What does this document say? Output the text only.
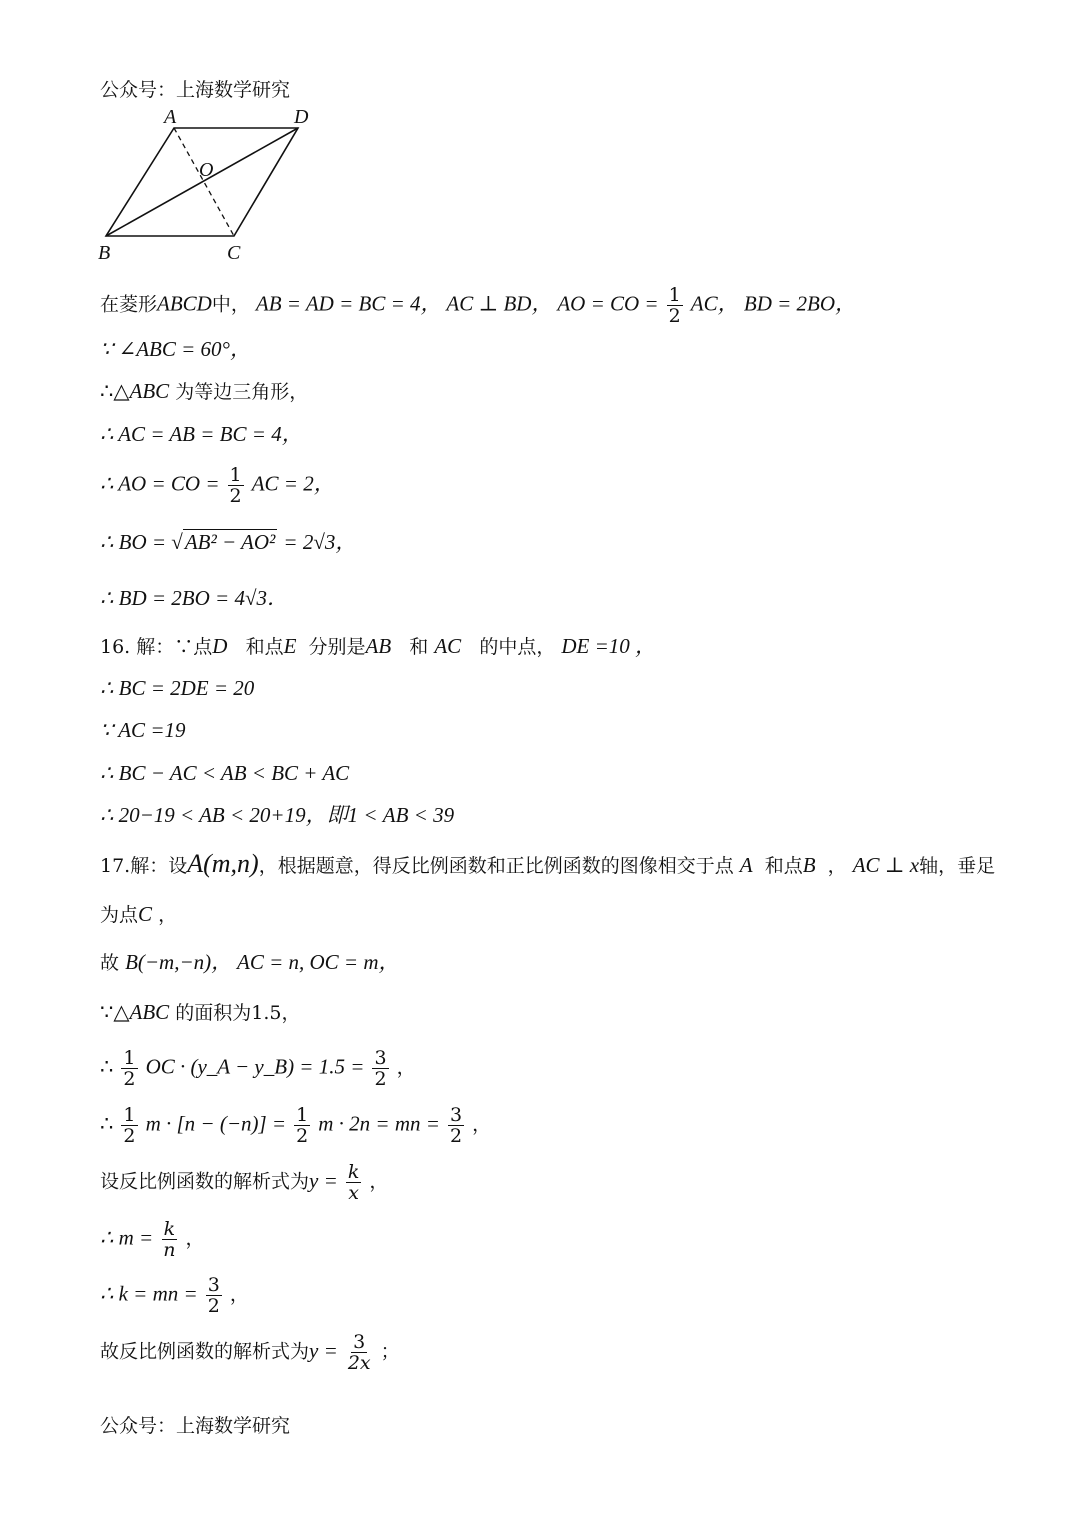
公众号：上海数学研究
A	D
O
B	C
在菱形ABCD中， AB = AD = BC = 4， AC ⊥ BD， AO = CO = $\frac{1}{2}$ AC， BD = 2BO，
∵ ∠ABC = 60°，
∴△ABC 为等边三角形，
∴ AC = AB = BC = 4，
∴ AO = CO = $\frac{1}{2}$ AC = 2，
∴ BO = √AB² − AO² = 2√3，
∴ BD = 2BO = 4√3．
16. 解：∵点D 和点E 分别是AB 和 AC 的中点， DE =10 ，
∴ BC = 2DE = 20
∵ AC =19
∴ BC − AC < AB < BC + AC
∴ 20−19 < AB < 20+19，即1 < AB < 39
17.解：设A(m,n)，根据题意，得反比例函数和正比例函数的图像相交于点 A 和点B ， AC ⊥ x轴，垂足
为点C ，
故 B(−m,−n)， AC = n, OC = m，
∵△ABC 的面积为1.5，
∴ $\frac{1}{2}$ OC · (y_A − y_B) = $1.5 = \frac{3}{2}$ ，
∴ $\frac{1}{2}$ $m \cdot [n - (-n)] = \frac{1}{2}$ m · 2n = mn = $\frac{3}{2}$ ，
设反比例函数的解析式为$y = \frac{k}{x}$ ，
∴ $m = \frac{k}{n}$ ，
∴ k = mn = $\frac{3}{2}$ ，
故反比例函数的解析式为$y = \frac{3}{2x}$ ；
公众号：上海数学研究
